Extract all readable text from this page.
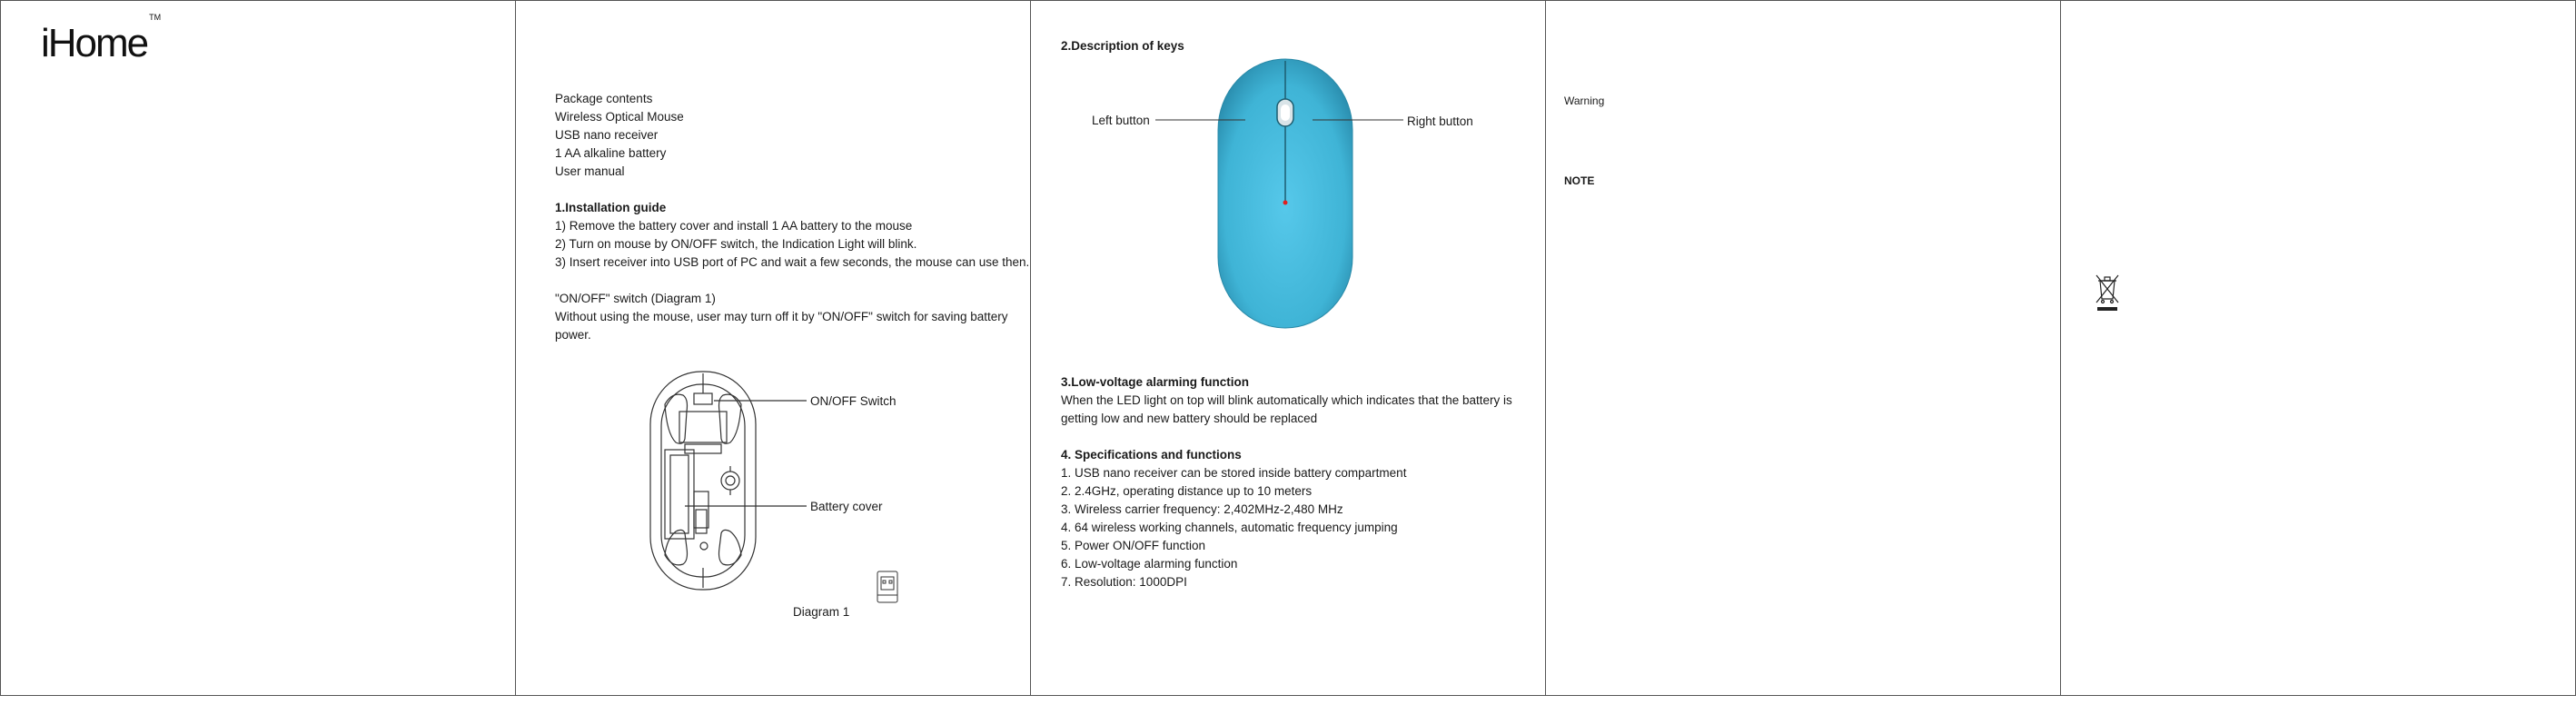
iHome™
Package contents
Wireless Optical Mouse
USB nano receiver
1 AA alkaline battery
User manual
1.Installation guide
1) Remove the battery cover and install 1 AA battery to the mouse
2) Turn on mouse by ON/OFF switch, the Indication Light will blink.
3) Insert receiver into USB port of PC and wait a few seconds, the mouse can use then.
"ON/OFF" switch (Diagram 1)
Without using the mouse, user may turn off it by "ON/OFF" switch for saving battery
power.
ON/OFF Switch
Battery cover
Diagram 1
2.Description of keys
Left button	Right button
3.Low-voltage alarming function
When the LED light on top will blink automatically which indicates that the battery is
getting low and new battery should be replaced
4. Specifications and functions
1. USB nano receiver can be stored inside battery compartment
2. 2.4GHz, operating distance up to 10 meters
3. Wireless carrier frequency: 2,402MHz-2,480 MHz
4. 64 wireless working channels, automatic frequency jumping
5. Power ON/OFF function
6. Low-voltage alarming function
7. Resolution: 1000DPI
Warning
NOTE
